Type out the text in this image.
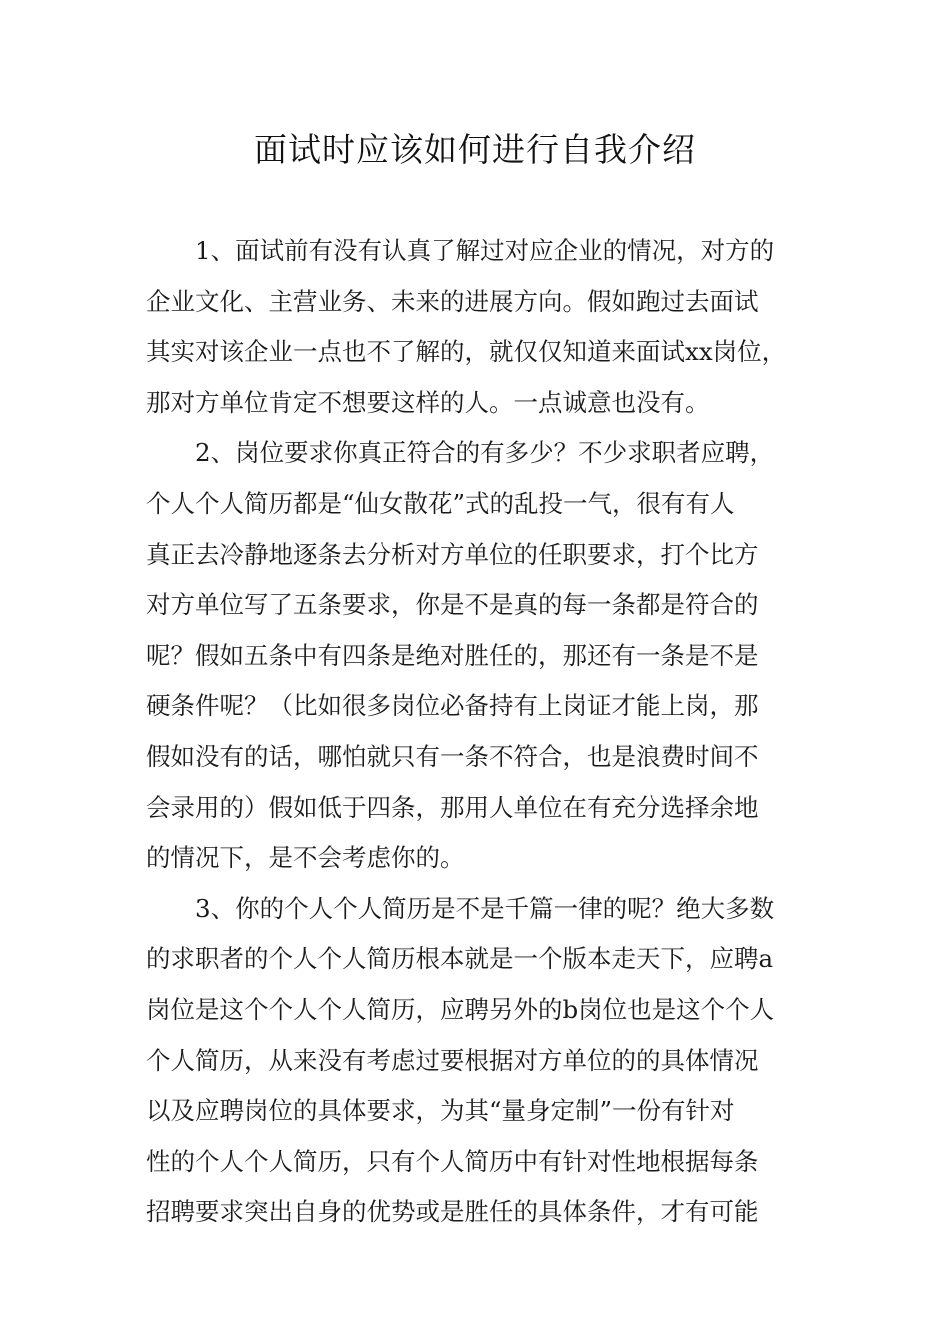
面试时应该如何进行自我介绍
1、面试前有没有认真了解过对应企业的情况，对方的
企业文化、主营业务、未来的进展方向。假如跑过去面试
其实对该企业一点也不了解的，就仅仅知道来面试xx岗位，
那对方单位肯定不想要这样的人。一点诚意也没有。
2、岗位要求你真正符合的有多少？不少求职者应聘，
个人个人简历都是“仙女散花”式的乱投一气，很有有人
真正去冷静地逐条去分析对方单位的任职要求，打个比方
对方单位写了五条要求，你是不是真的每一条都是符合的
呢？假如五条中有四条是绝对胜任的，那还有一条是不是
硬条件呢？（比如很多岗位必备持有上岗证才能上岗，那
假如没有的话，哪怕就只有一条不符合，也是浪费时间不
会录用的）假如低于四条，那用人单位在有充分选择余地
的情况下，是不会考虑你的。
3、你的个人个人简历是不是千篇一律的呢？绝大多数
的求职者的个人个人简历根本就是一个版本走天下，应聘a
岗位是这个个人个人简历，应聘另外的b岗位也是这个个人
个人简历，从来没有考虑过要根据对方单位的的具体情况
以及应聘岗位的具体要求，为其“量身定制”一份有针对
性的个人个人简历，只有个人简历中有针对性地根据每条
招聘要求突出自身的优势或是胜任的具体条件，才有可能
